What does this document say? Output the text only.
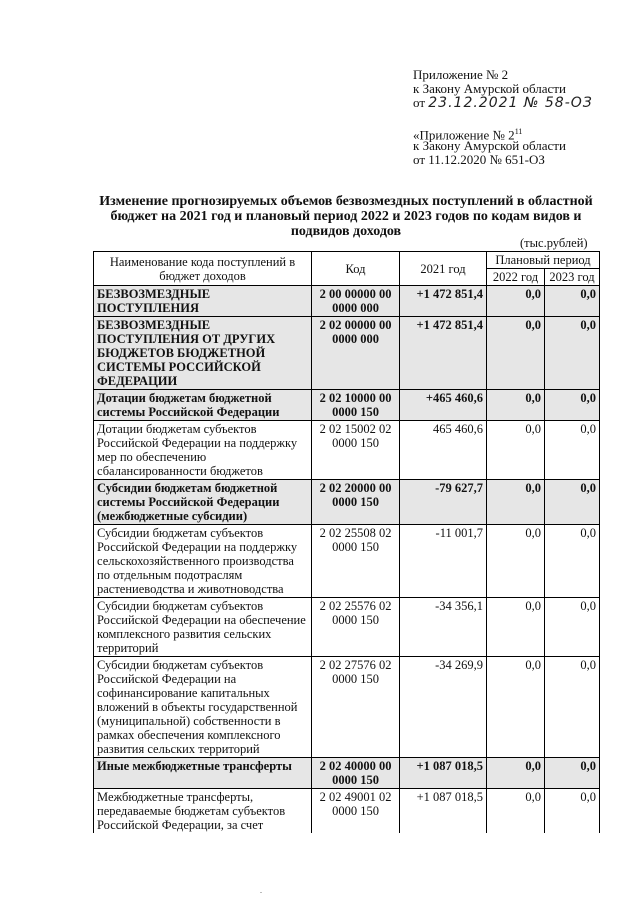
Приложение № 2
к Закону Амурской области
от 23.12.2021 № 58-ОЗ
«Приложение № $2^{11}$
к Закону Амурской области
от 11.12.2020 № 651-ОЗ
Изменение прогнозируемых объемов безвозмездных поступлений в областной бюджет на 2021 год и плановый период 2022 и 2023 годов по кодам видов и подвидов доходов
(тыс.рублей)
Наименование кода поступлений в бюджет доходов	Код	2021 год	Плановый период	
			2022 год	2023 год
БЕЗВОЗМЕЗДНЫЕ ПОСТУПЛЕНИЯ	2 00 00000 00 0000 000	+1 472 851,4	0,0	0,0
БЕЗВОЗМЕЗДНЫЕ ПОСТУПЛЕНИЯ ОТ ДРУГИХ БЮДЖЕТОВ БЮДЖЕТНОЙ СИСТЕМЫ РОССИЙСКОЙ ФЕДЕРАЦИИ	2 02 00000 00 0000 000	+1 472 851,4	0,0	0,0
Дотации бюджетам бюджетной системы Российской Федерации	2 02 10000 00 0000 150	+465 460,6	0,0	0,0
Дотации бюджетам субъектов Российской Федерации на поддержку мер по обеспечению сбалансированности бюджетов	2 02 15002 02 0000 150	465 460,6	0,0	0,0
Субсидии бюджетам бюджетной системы Российской Федерации (межбюджетные субсидии)	2 02 20000 00 0000 150	-79 627,7	0,0	0,0
Субсидии бюджетам субъектов Российской Федерации на поддержку сельскохозяйственного производства по отдельным подотраслям растениеводства и животноводства	2 02 25508 02 0000 150	-11 001,7	0,0	0,0
Субсидии бюджетам субъектов Российской Федерации на обеспечение комплексного развития сельских территорий	2 02 25576 02 0000 150	-34 356,1	0,0	0,0
Субсидии бюджетам субъектов Российской Федерации на софинансирование капитальных вложений в объекты государственной (муниципальной) собственности в рамках обеспечения комплексного развития сельских территорий	2 02 27576 02 0000 150	-34 269,9	0,0	0,0
Иные межбюджетные трансферты	2 02 40000 00 0000 150	+1 087 018,5	0,0	0,0
Межбюджетные трансферты, передаваемые бюджетам субъектов Российской Федерации, за счет	2 02 49001 02 0000 150	+1 087 018,5	0,0	0,0
